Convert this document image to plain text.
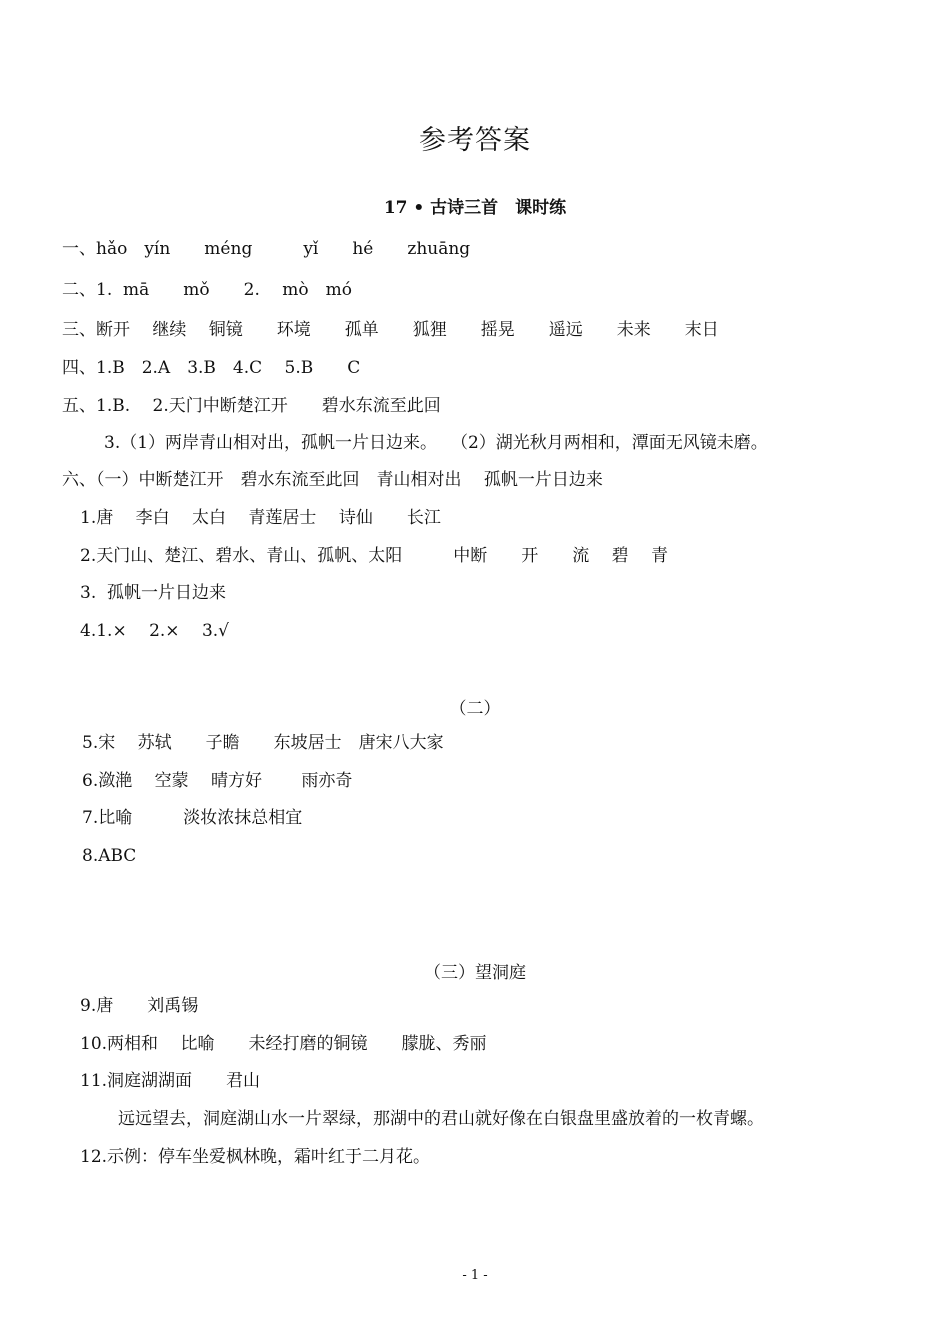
参考答案
17 • 古诗三首　课时练
一、hǎo　yín　　méng　　　yǐ　　hé　　zhuāng
二、1.  mā　　mǒ　　2.　 mò　mó
三、断开　 继续　 铜镜　　环境　　孤单　　狐狸　　摇晃　　遥远　　未来　　末日
四、1.B　2.A　3.B　4.C　 5.B　　C
五、1.B.　 2.天门中断楚江开　　碧水东流至此回
3.（1）两岸青山相对出，孤帆一片日边来。　 （2）湖光秋月两相和，潭面无风镜未磨。
六、（一）中断楚江开　碧水东流至此回　青山相对出　 孤帆一片日边来
1.唐　 李白　 太白　 青莲居士　 诗仙　　长江
2.天门山、楚江、碧水、青山、孤帆、太阳　　　中断　　开　　流　 碧　 青
3.  孤帆一片日边来
4.1.×　 2.×　 3.√
（二）
5.宋　 苏轼　　子瞻　　东坡居士　唐宋八大家
6.潋滟　 空蒙　 晴方好　　 雨亦奇
7.比喻　　　淡妆浓抹总相宜
8.ABC
（三）望洞庭
9.唐　　刘禹锡
10.两相和　 比喻　　未经打磨的铜镜　　朦胧、秀丽
11.洞庭湖湖面　　君山
远远望去，洞庭湖山水一片翠绿，那湖中的君山就好像在白银盘里盛放着的一枚青螺。
12.示例：停车坐爱枫林晚，霜叶红于二月花。
- 1 -
